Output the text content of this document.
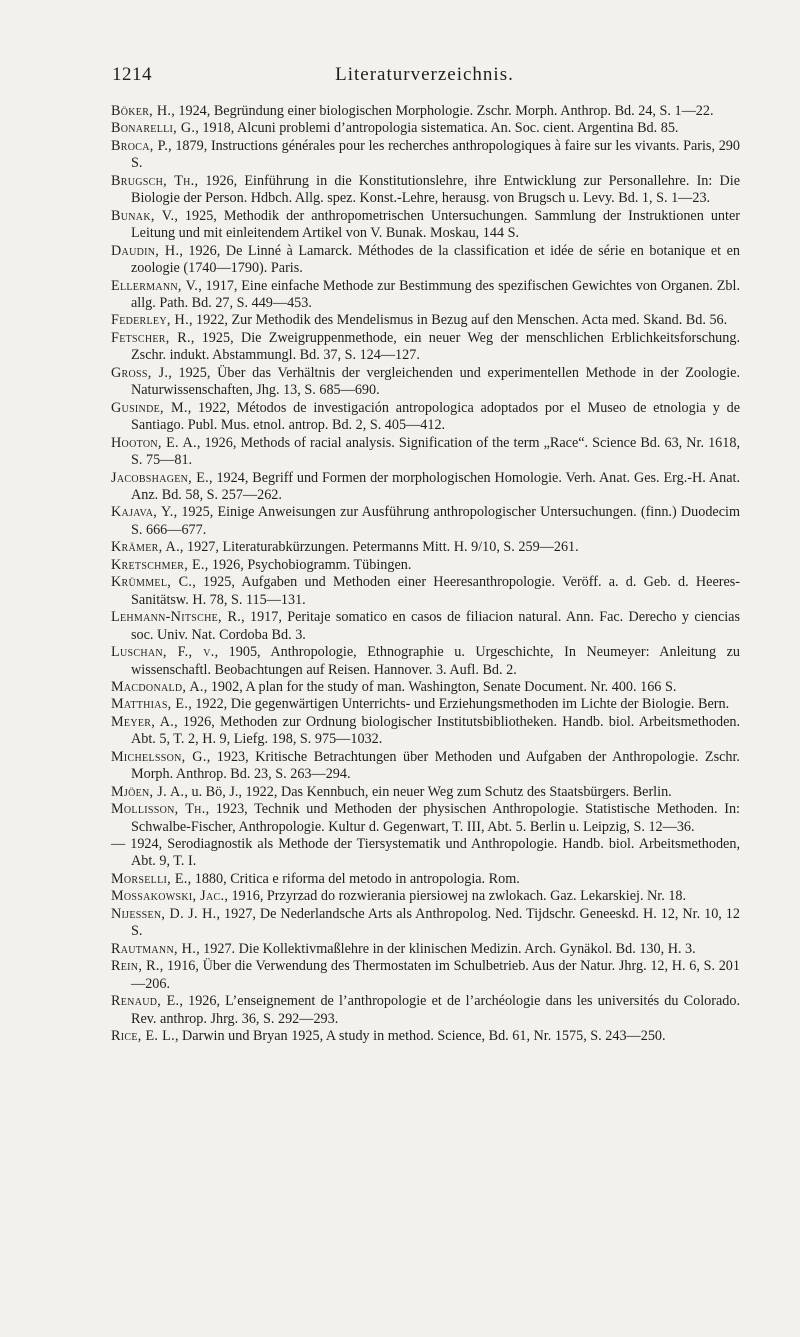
1214	Literaturverzeichnis.
Böker, H., 1924, Begründung einer biologischen Morphologie. Zschr. Morph. Anthrop. Bd. 24, S. 1—22.
Bonarelli, G., 1918, Alcuni problemi d’antropologia sistematica. An. Soc. cient. Argentina Bd. 85.
Broca, P., 1879, Instructions générales pour les recherches anthropologiques à faire sur les vivants. Paris, 290 S.
Brugsch, Th., 1926, Einführung in die Konstitutionslehre, ihre Entwicklung zur Personallehre. In: Die Biologie der Person. Hdbch. Allg. spez. Konst.-Lehre, herausg. von Brugsch u. Levy. Bd. 1, S. 1—23.
Bunak, V., 1925, Methodik der anthropometrischen Untersuchungen. Sammlung der Instruktionen unter Leitung und mit einleitendem Artikel von V. Bunak. Moskau, 144 S.
Daudin, H., 1926, De Linné à Lamarck. Méthodes de la classification et idée de série en botanique et en zoologie (1740—1790). Paris.
Ellermann, V., 1917, Eine einfache Methode zur Bestimmung des spezifischen Gewichtes von Organen. Zbl. allg. Path. Bd. 27, S. 449—453.
Federley, H., 1922, Zur Methodik des Mendelismus in Bezug auf den Menschen. Acta med. Skand. Bd. 56.
Fetscher, R., 1925, Die Zweigruppenmethode, ein neuer Weg der menschlichen Erblichkeitsforschung. Zschr. indukt. Abstammungl. Bd. 37, S. 124—127.
Gross, J., 1925, Über das Verhältnis der vergleichenden und experimentellen Methode in der Zoologie. Naturwissenschaften, Jhg. 13, S. 685—690.
Gusinde, M., 1922, Métodos de investigación antropologica adoptados por el Museo de etnologia y de Santiago. Publ. Mus. etnol. antrop. Bd. 2, S. 405—412.
Hooton, E. A., 1926, Methods of racial analysis. Signification of the term „Race“. Science Bd. 63, Nr. 1618, S. 75—81.
Jacobshagen, E., 1924, Begriff und Formen der morphologischen Homologie. Verh. Anat. Ges. Erg.-H. Anat. Anz. Bd. 58, S. 257—262.
Kajava, Y., 1925, Einige Anweisungen zur Ausführung anthropologischer Untersuchungen. (finn.) Duodecim S. 666—677.
Krämer, A., 1927, Literaturabkürzungen. Petermanns Mitt. H. 9/10, S. 259—261.
Kretschmer, E., 1926, Psychobiogramm. Tübingen.
Krümmel, C., 1925, Aufgaben und Methoden einer Heeresanthropologie. Veröff. a. d. Geb. d. Heeres-Sanitätsw. H. 78, S. 115—131.
Lehmann-Nitsche, R., 1917, Peritaje somatico en casos de filiacion natural. Ann. Fac. Derecho y ciencias soc. Univ. Nat. Cordoba Bd. 3.
Luschan, F., v., 1905, Anthropologie, Ethnographie u. Urgeschichte, In Neumeyer: Anleitung zu wissenschaftl. Beobachtungen auf Reisen. Hannover. 3. Aufl. Bd. 2.
Macdonald, A., 1902, A plan for the study of man. Washington, Senate Document. Nr. 400. 166 S.
Matthias, E., 1922, Die gegenwärtigen Unterrichts- und Erziehungsmethoden im Lichte der Biologie. Bern.
Meyer, A., 1926, Methoden zur Ordnung biologischer Institutsbibliotheken. Handb. biol. Arbeitsmethoden. Abt. 5, T. 2, H. 9, Liefg. 198, S. 975—1032.
Michelsson, G., 1923, Kritische Betrachtungen über Methoden und Aufgaben der Anthropologie. Zschr. Morph. Anthrop. Bd. 23, S. 263—294.
Mjöen, J. A., u. Bö, J., 1922, Das Kennbuch, ein neuer Weg zum Schutz des Staatsbürgers. Berlin.
Mollisson, Th., 1923, Technik und Methoden der physischen Anthropologie. Statistische Methoden. In: Schwalbe-Fischer, Anthropologie. Kultur d. Gegenwart, T. III, Abt. 5. Berlin u. Leipzig, S. 12—36.
— 1924, Serodiagnostik als Methode der Tiersystematik und Anthropologie. Handb. biol. Arbeitsmethoden, Abt. 9, T. I.
Morselli, E., 1880, Critica e riforma del metodo in antropologia. Rom.
Mossakowski, Jac., 1916, Przyrzad do rozwierania piersiowej na zwlokach. Gaz. Lekarskiej. Nr. 18.
Nijessen, D. J. H., 1927, De Nederlandsche Arts als Anthropolog. Ned. Tijdschr. Geneeskd. H. 12, Nr. 10, 12 S.
Rautmann, H., 1927. Die Kollektivmaßlehre in der klinischen Medizin. Arch. Gynäkol. Bd. 130, H. 3.
Rein, R., 1916, Über die Verwendung des Thermostaten im Schulbetrieb. Aus der Natur. Jhrg. 12, H. 6, S. 201—206.
Renaud, E., 1926, L’enseignement de l’anthropologie et de l’archéologie dans les universités du Colorado. Rev. anthrop. Jhrg. 36, S. 292—293.
Rice, E. L., Darwin und Bryan 1925, A study in method. Science, Bd. 61, Nr. 1575, S. 243—250.
